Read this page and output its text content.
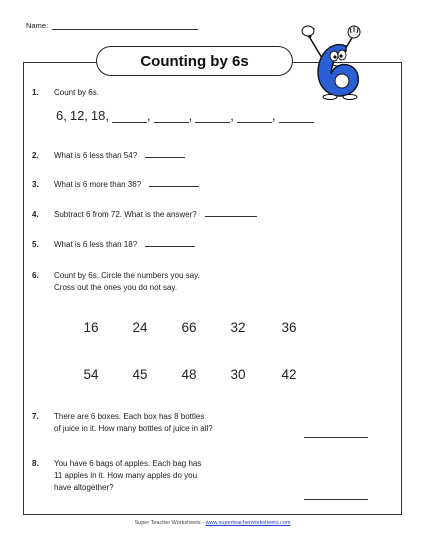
Name:
Counting by 6s
1. Count by 6s.
6, 12, 18,	,	,	,	,
2. What is 6 less than 54?
3. What is 6 more than 36?
4. Subtract 6 from 72. What is the answer?
5. What is 6 less than 18?
6. Count by 6s. Circle the numbers you say.
Cross out the ones you do not say.
16	24	66	32	36
54	45	48	30	42
7. There are 6 boxes. Each box has 8 bottles
of juice in it. How many bottles of juice in all?
8. You have 6 bags of apples. Each bag has
11 apples in it. How many apples do you
have altogether?
Super Teacher Worksheets - www.superteacherworksheets.com
